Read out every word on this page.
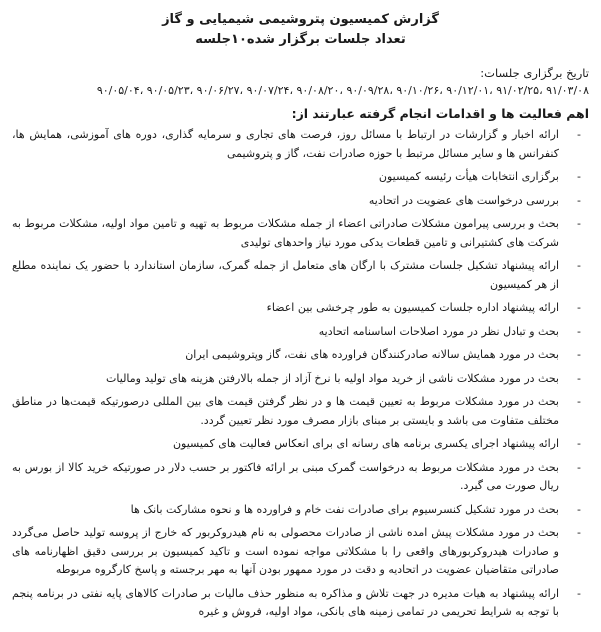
گزارش کمیسیون پتروشیمی شیمیایی و گاز
تعداد جلسات برگزار شده۱۰جلسه
تاریخ برگزاری جلسات:
۹۱/۰۳/۰۸ ،۹۱/۰۲/۲۵ ،۹۰/۱۲/۰۱ ،۹۰/۱۰/۲۶ ،۹۰/۰۹/۲۸ ،۹۰/۰۸/۲۰ ،۹۰/۰۷/۲۴ ،۹۰/۰۶/۲۷ ،۹۰/۰۵/۲۳ ،۹۰/۰۵/۰۴
اهم فعالیت ها و اقدامات انجام گرفته عبارتند از:
-
ارائه اخبار و گزارشات در ارتباط با مسائل روز، فرصت های تجاری و سرمایه گذاری، دوره های آموزشی، همایش ها، کنفرانس ها و سایر مسائل مرتبط با حوزه صادرات نفت، گاز و پتروشیمی
-
برگزاری انتخابات هیأت رئیسه کمیسیون
-
بررسی درخواست های عضویت در اتحادیه
-
بحث و بررسی پیرامون مشکلات صادراتی اعضاء از جمله مشکلات مربوط به تهیه و تامین مواد اولیه، مشکلات مربوط به شرکت های کشتیرانی و تامین قطعات یدکی مورد نیاز واحدهای تولیدی
-
ارائه پیشنهاد تشکیل جلسات مشترک با ارگان های متعامل از جمله گمرک، سازمان استاندارد با حضور یک نماینده مطلع از هر کمیسیون
-
ارائه پیشنهاد اداره جلسات کمیسیون به طور چرخشی بین اعضاء
-
بحث و تبادل نظر در مورد اصلاحات اساسنامه اتحادیه
-
بحث در مورد همایش سالانه صادرکنندگان فراورده های نفت، گاز وپتروشیمی ایران
-
بحث در مورد مشکلات ناشی از خرید مواد اولیه با نرخ آزاد از جمله بالارفتن هزینه های تولید ومالیات
-
بحث در مورد مشکلات مربوط به تعیین قیمت ها و در نظر گرفتن قیمت های بین المللی درصورتیکه قیمت‌ها در مناطق مختلف متفاوت می باشد و بایستی بر مبنای بازار مصرف مورد نظر تعیین گردد.
-
ارائه پیشنهاد اجرای یکسری برنامه های رسانه ای برای انعکاس فعالیت های کمیسیون
-
بحث در مورد مشکلات مربوط به درخواست گمرک مبنی بر ارائه فاکتور بر حسب دلار در صورتیکه خرید کالا از بورس به ریال صورت می گیرد.
-
بحث در مورد تشکیل کنسرسیوم برای صادرات نفت خام و فراورده ها و نحوه مشارکت بانک ها
-
بحث در مورد مشکلات پیش امده ناشی از صادرات محصولی به نام هیدروکربور که خارج از پروسه تولید حاصل می‌گردد و صادرات هیدروکربورهای واقعی را با مشکلاتی مواجه نموده است و تاکید کمیسیون بر بررسی دقیق اظهارنامه های صادراتی متقاضیان عضویت در اتحادیه و دقت در مورد ممهور بودن آنها به مهر برجسته و پاسخ کارگروه مربوطه
-
ارائه پیشنهاد به هیات مدیره در جهت تلاش و مذاکره به منظور حذف مالیات بر صادرات کالاهای پایه نفتی در برنامه پنجم با توجه به شرایط تحریمی در تمامی زمینه های بانکی، مواد اولیه، فروش و غیره
